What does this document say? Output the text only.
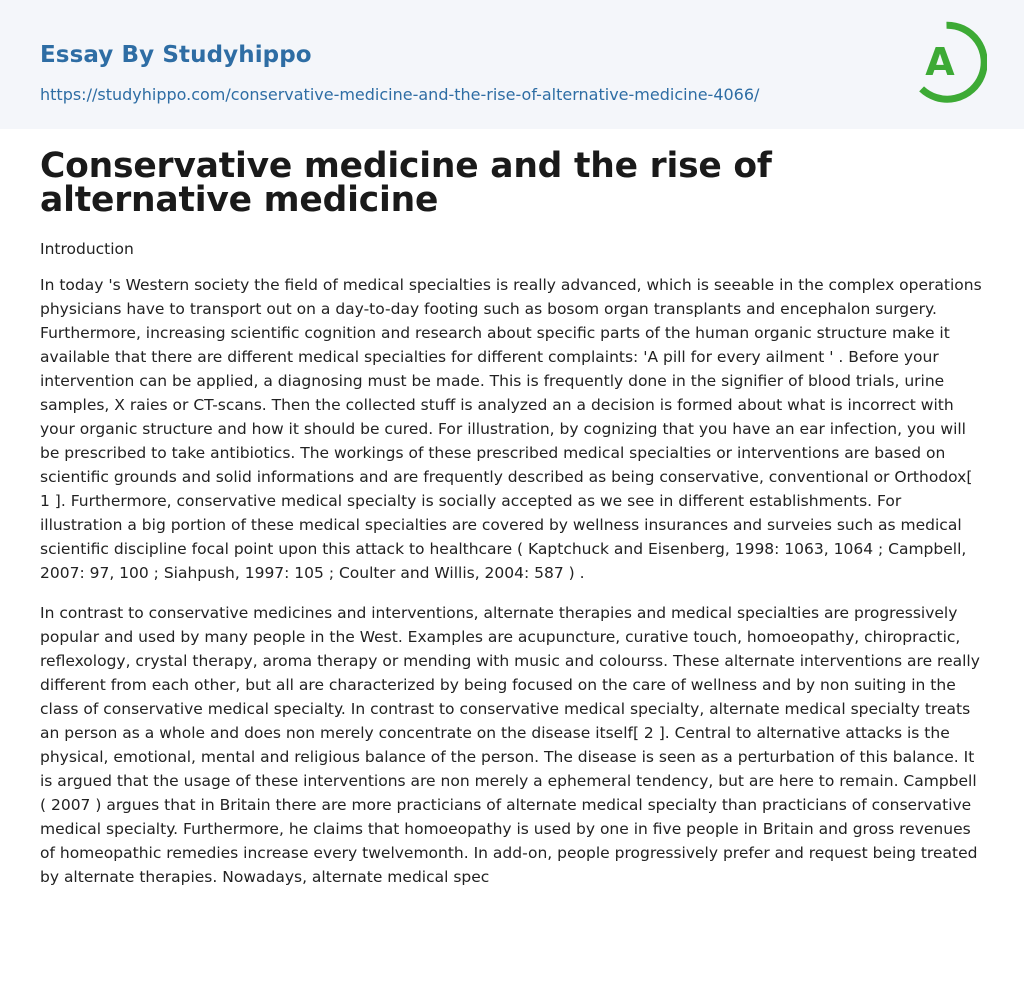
Essay By Studyhippo
https://studyhippo.com/conservative-medicine-and-the-rise-of-alternative-medicine-4066/
A
Conservative medicine and the rise of alternative medicine
Introduction

In today 's Western society the field of medical specialties is really advanced, which is seeable in the complex operations physicians have to transport out on a day-to-day footing such as bosom organ transplants and encephalon surgery. Furthermore, increasing scientific cognition and research about specific parts of the human organic structure make it available that there are different medical specialties for different complaints: 'A pill for every ailment ' . Before your intervention can be applied, a diagnosing must be made. This is frequently done in the signifier of blood trials, urine samples, X raies or CT-scans. Then the collected stuff is analyzed an a decision is formed about what is incorrect with your organic structure and how it should be cured. For illustration, by cognizing that you have an ear infection, you will be prescribed to take antibiotics. The workings of these prescribed medical specialties or interventions are based on scientific grounds and solid informations and are frequently described as being conservative, conventional or Orthodox[ 1 ]. Furthermore, conservative medical specialty is socially accepted as we see in different establishments. For illustration a big portion of these medical specialties are covered by wellness insurances and surveies such as medical scientific discipline focal point upon this attack to healthcare ( Kaptchuck and Eisenberg, 1998: 1063, 1064 ; Campbell, 2007: 97, 100 ; Siahpush, 1997: 105 ; Coulter and Willis, 2004: 587 ) .

In contrast to conservative medicines and interventions, alternate therapies and medical specialties are progressively popular and used by many people in the West. Examples are acupuncture, curative touch, homoeopathy, chiropractic, reflexology, crystal therapy, aroma therapy or mending with music and colourss. These alternate interventions are really different from each other, but all are characterized by being focused on the care of wellness and by non suiting in the class of conservative medical specialty. In contrast to conservative medical specialty, alternate medical specialty treats an person as a whole and does non merely concentrate on the disease itself[ 2 ]. Central to alternative attacks is the physical, emotional, mental and religious balance of the person. The disease is seen as a perturbation of this balance. It is argued that the usage of these interventions are non merely a ephemeral tendency, but are here to remain. Campbell ( 2007 ) argues that in Britain there are more practicians of alternate medical specialty than practicians of conservative medical specialty. Furthermore, he claims that homoeopathy is used by one in five people in Britain and gross revenues of homeopathic remedies increase every twelvemonth. In add-on, people progressively prefer and request being treated by alternate therapies. Nowadays, alternate medical spec
